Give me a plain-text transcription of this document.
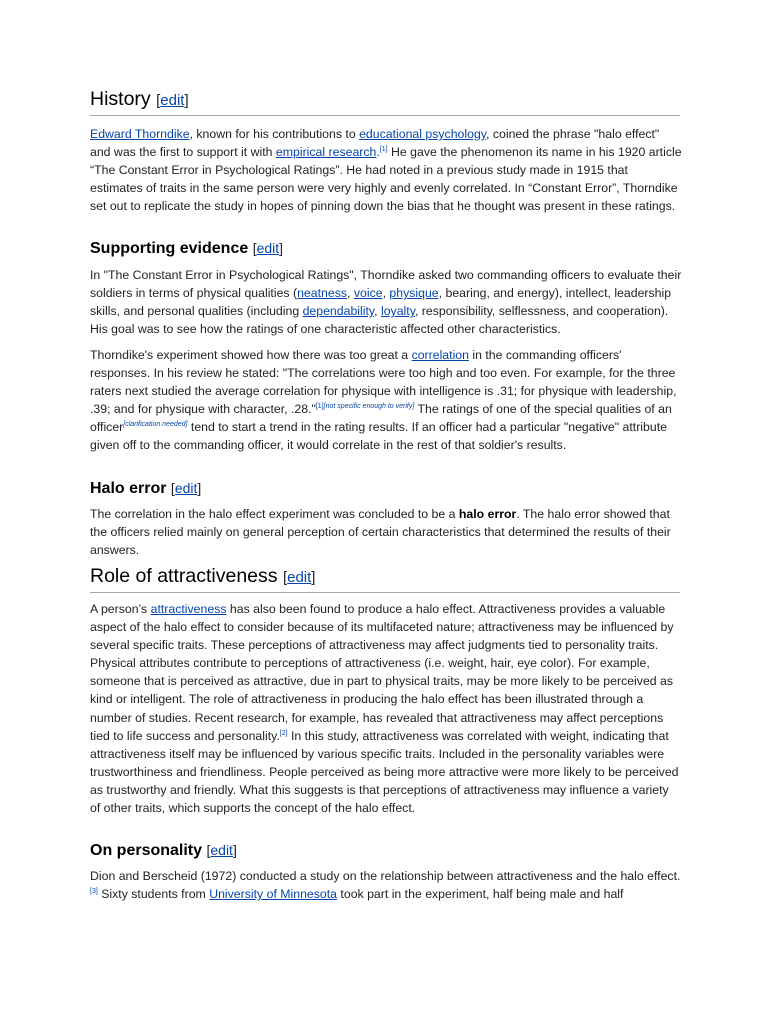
History [edit]

Edward Thorndike, known for his contributions to educational psychology, coined the phrase "halo effect" and was the first to support it with empirical research.[1] He gave the phenomenon its name in his 1920 article “The Constant Error in Psychological Ratings”. He had noted in a previous study made in 1915 that estimates of traits in the same person were very highly and evenly correlated. In “Constant Error”, Thorndike set out to replicate the study in hopes of pinning down the bias that he thought was present in these ratings.

Supporting evidence [edit]

In "The Constant Error in Psychological Ratings", Thorndike asked two commanding officers to evaluate their soldiers in terms of physical qualities (neatness, voice, physique, bearing, and energy), intellect, leadership skills, and personal qualities (including dependability, loyalty, responsibility, selflessness, and cooperation). His goal was to see how the ratings of one characteristic affected other characteristics.

Thorndike's experiment showed how there was too great a correlation in the commanding officers' responses. In his review he stated: "The correlations were too high and too even. For example, for the three raters next studied the average correlation for physique with intelligence is .31; for physique with leadership, .39; and for physique with character, .28."[1][not specific enough to verify] The ratings of one of the special qualities of an officer[clarification needed] tend to start a trend in the rating results. If an officer had a particular "negative" attribute given off to the commanding officer, it would correlate in the rest of that soldier's results.

Halo error [edit]

The correlation in the halo effect experiment was concluded to be a halo error. The halo error showed that the officers relied mainly on general perception of certain characteristics that determined the results of their answers.

Role of attractiveness [edit]

A person’s attractiveness has also been found to produce a halo effect. Attractiveness provides a valuable aspect of the halo effect to consider because of its multifaceted nature; attractiveness may be influenced by several specific traits. These perceptions of attractiveness may affect judgments tied to personality traits. Physical attributes contribute to perceptions of attractiveness (i.e. weight, hair, eye color). For example, someone that is perceived as attractive, due in part to physical traits, may be more likely to be perceived as kind or intelligent. The role of attractiveness in producing the halo effect has been illustrated through a number of studies. Recent research, for example, has revealed that attractiveness may affect perceptions tied to life success and personality.[2] In this study, attractiveness was correlated with weight, indicating that attractiveness itself may be influenced by various specific traits. Included in the personality variables were trustworthiness and friendliness. People perceived as being more attractive were more likely to be perceived as trustworthy and friendly. What this suggests is that perceptions of attractiveness may influence a variety of other traits, which supports the concept of the halo effect.

On personality [edit]

Dion and Berscheid (1972) conducted a study on the relationship between attractiveness and the halo effect.[3] Sixty students from University of Minnesota took part in the experiment, half being male and half
